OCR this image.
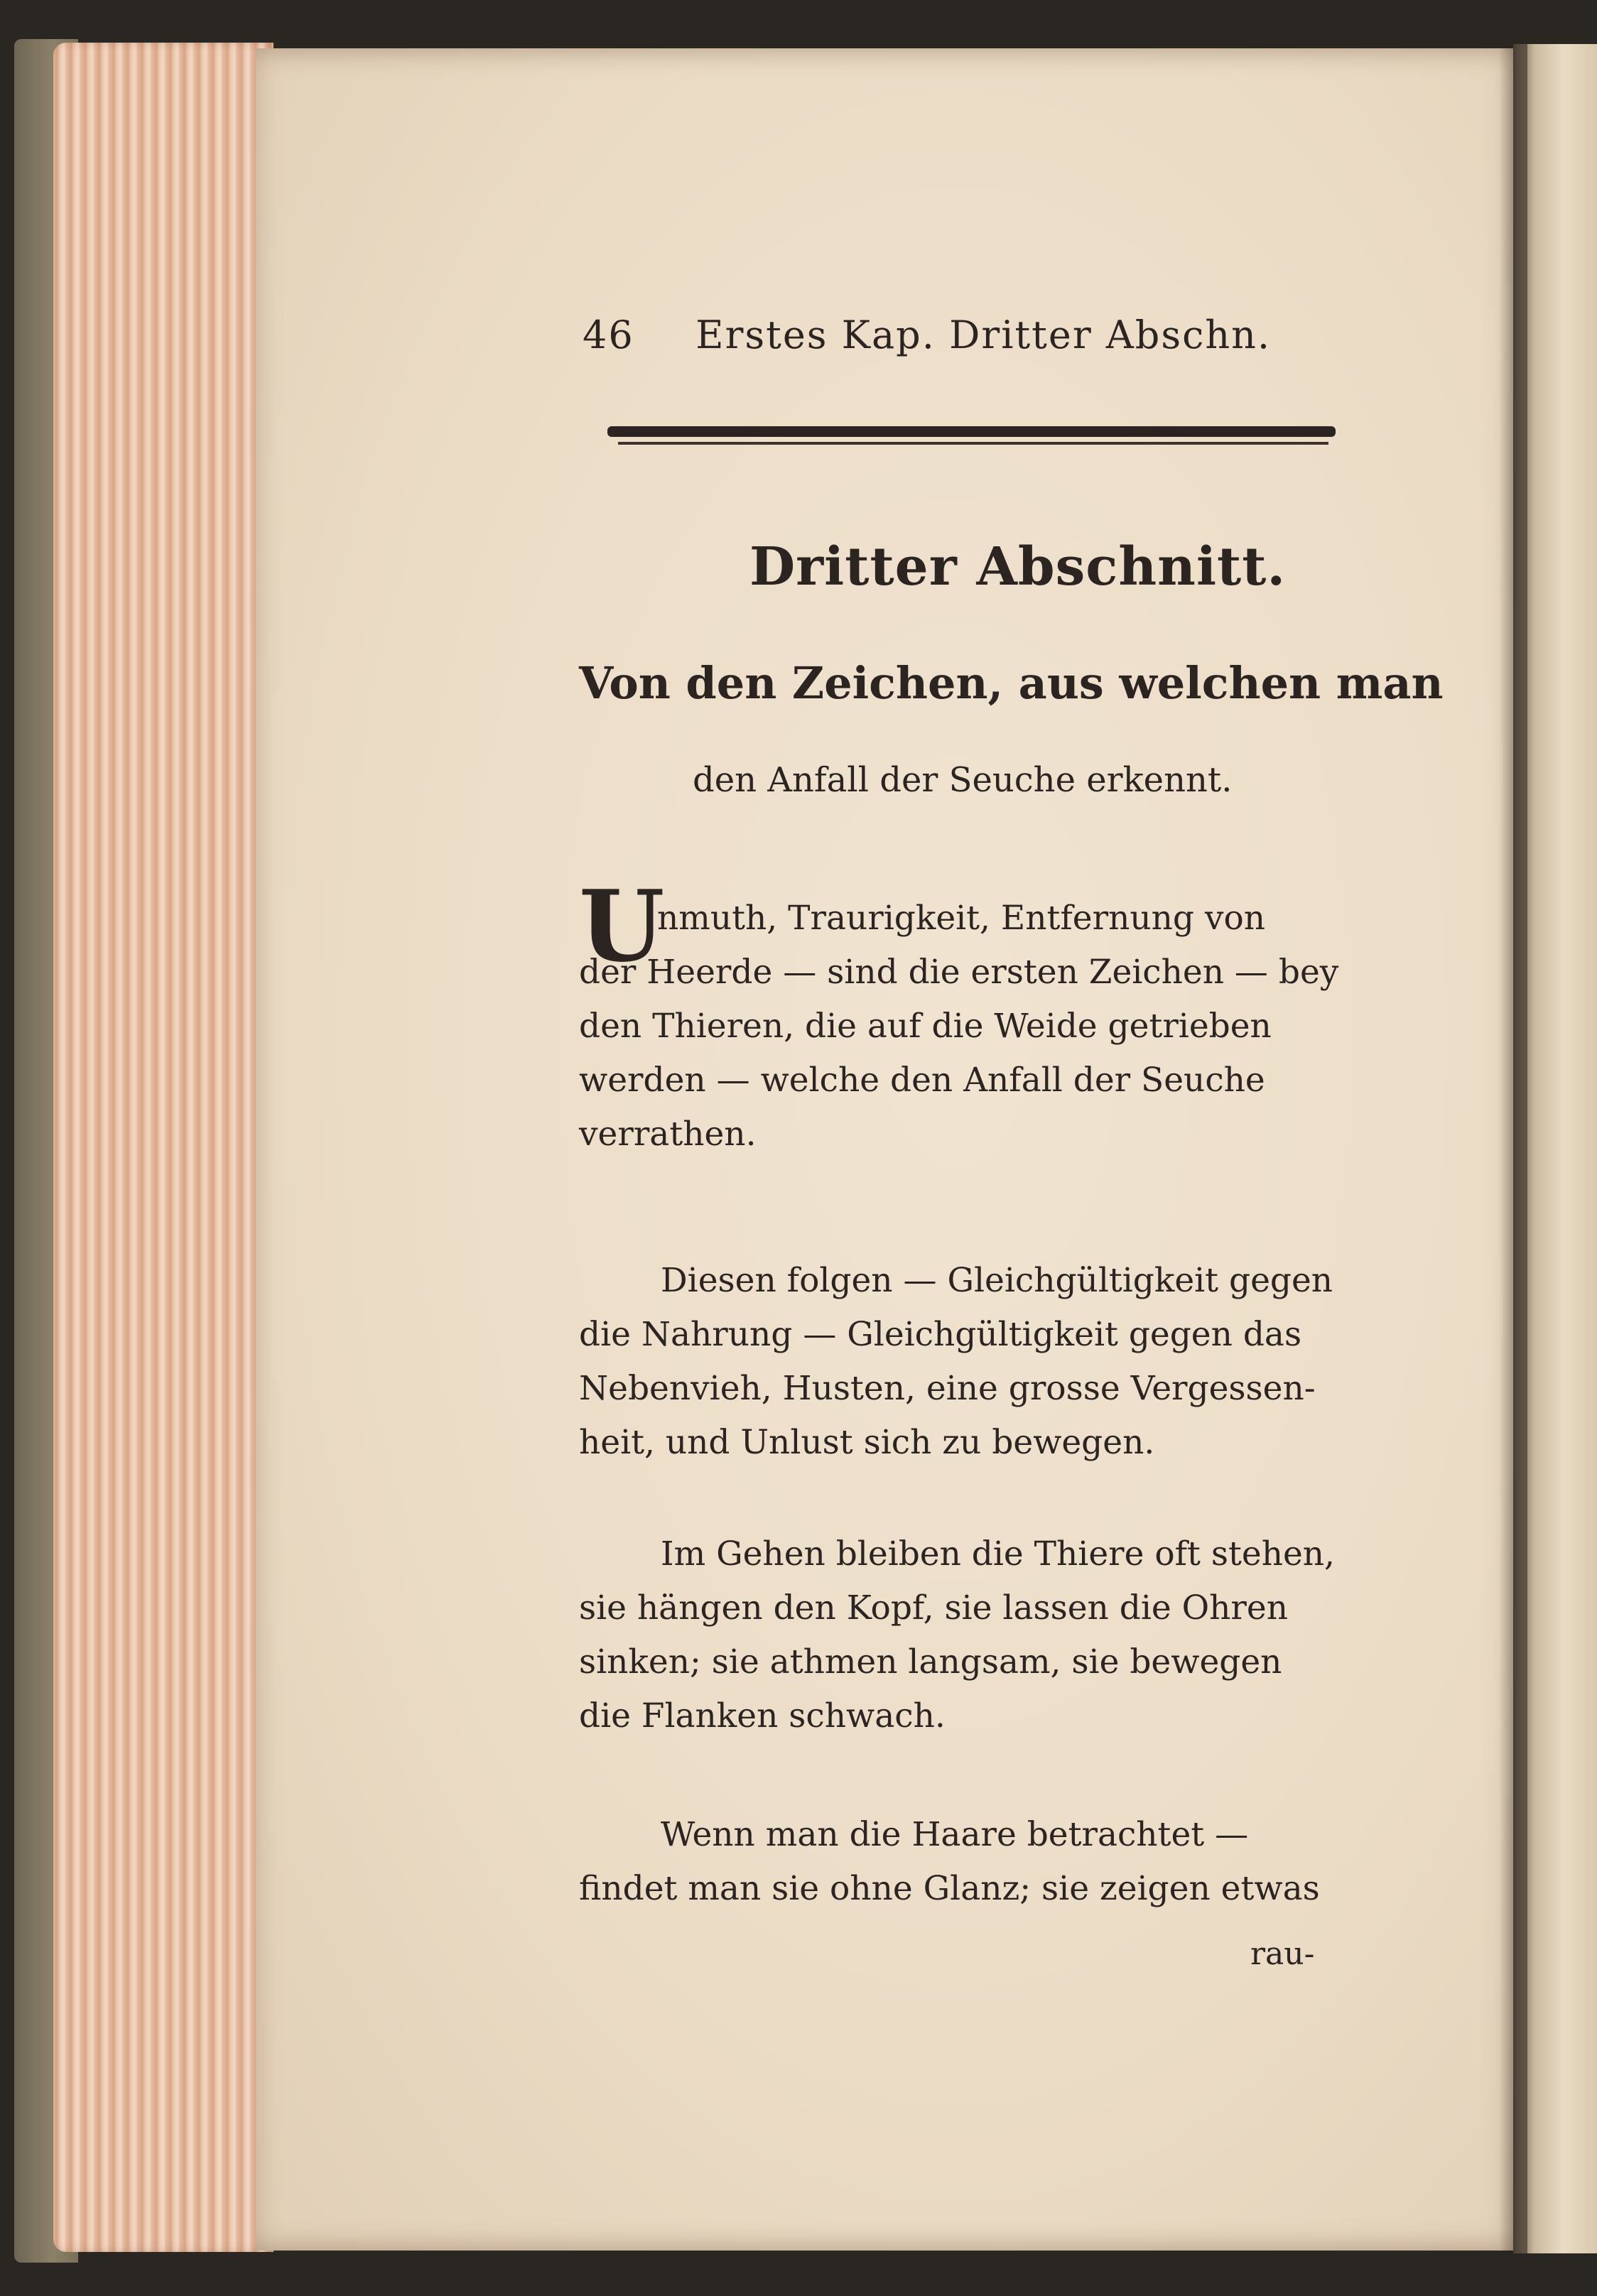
46 Erstes Kap. Dritter Abschn.
Dritter Abschnitt.
Von den Zeichen, aus welchen man
den Anfall der Seuche erkennt.
U
nmuth, Traurigkeit, Entfernung von
der Heerde — sind die ersten Zeichen — bey
den Thieren, die auf die Weide getrieben
werden — welche den Anfall der Seuche
verrathen.
Diesen folgen — Gleichgültigkeit gegen
die Nahrung — Gleichgültigkeit gegen das
Nebenvieh, Husten, eine grosse Vergessen-
heit, und Unlust sich zu bewegen.
Im Gehen bleiben die Thiere oft stehen,
sie hängen den Kopf, sie lassen die Ohren
sinken; sie athmen langsam, sie bewegen
die Flanken schwach.
Wenn man die Haare betrachtet —
findet man sie ohne Glanz; sie zeigen etwas
rau-
